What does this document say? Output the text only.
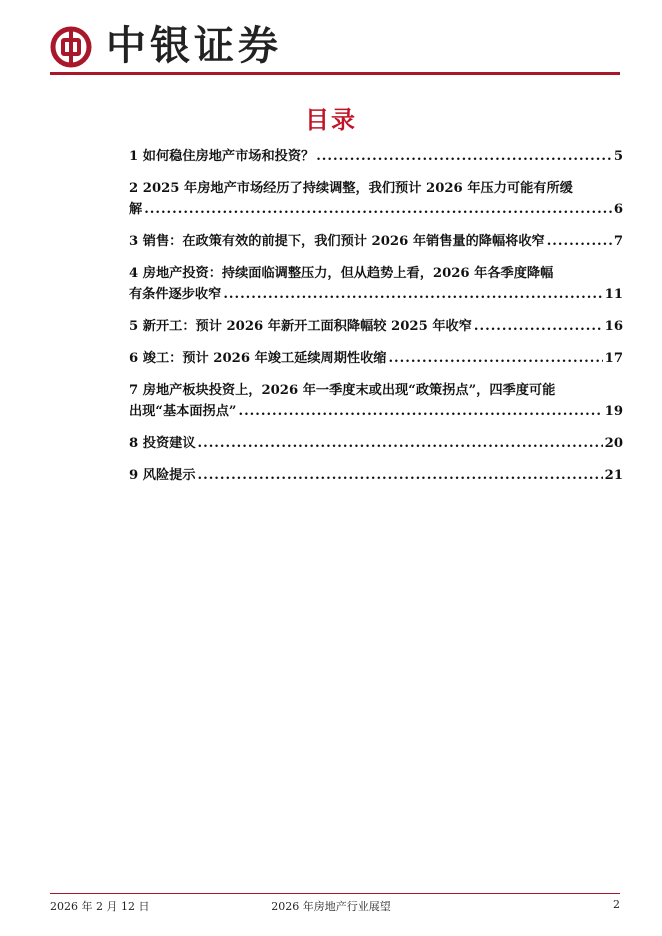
中银证券
目录
1 如何稳住房地产市场和投资？ .....	5
2 2025 年房地产市场经历了持续调整，我们预计 2026 年压力可能有所缓
解 .....	6
3 销售：在政策有效的前提下，我们预计 2026 年销售量的降幅将收窄 .....	7
4 房地产投资：持续面临调整压力，但从趋势上看，2026 年各季度降幅
有条件逐步收窄 .....	11
5 新开工：预计 2026 年新开工面积降幅较 2025 年收窄 .....	16
6 竣工：预计 2026 年竣工延续周期性收缩 .....	17
7 房地产板块投资上，2026 年一季度末或出现“政策拐点”，四季度可能
出现“基本面拐点” .....	19
8 投资建议 .....	20
9 风险提示 .....	21
2026 年 2 月 12 日	2026 年房地产行业展望	2
